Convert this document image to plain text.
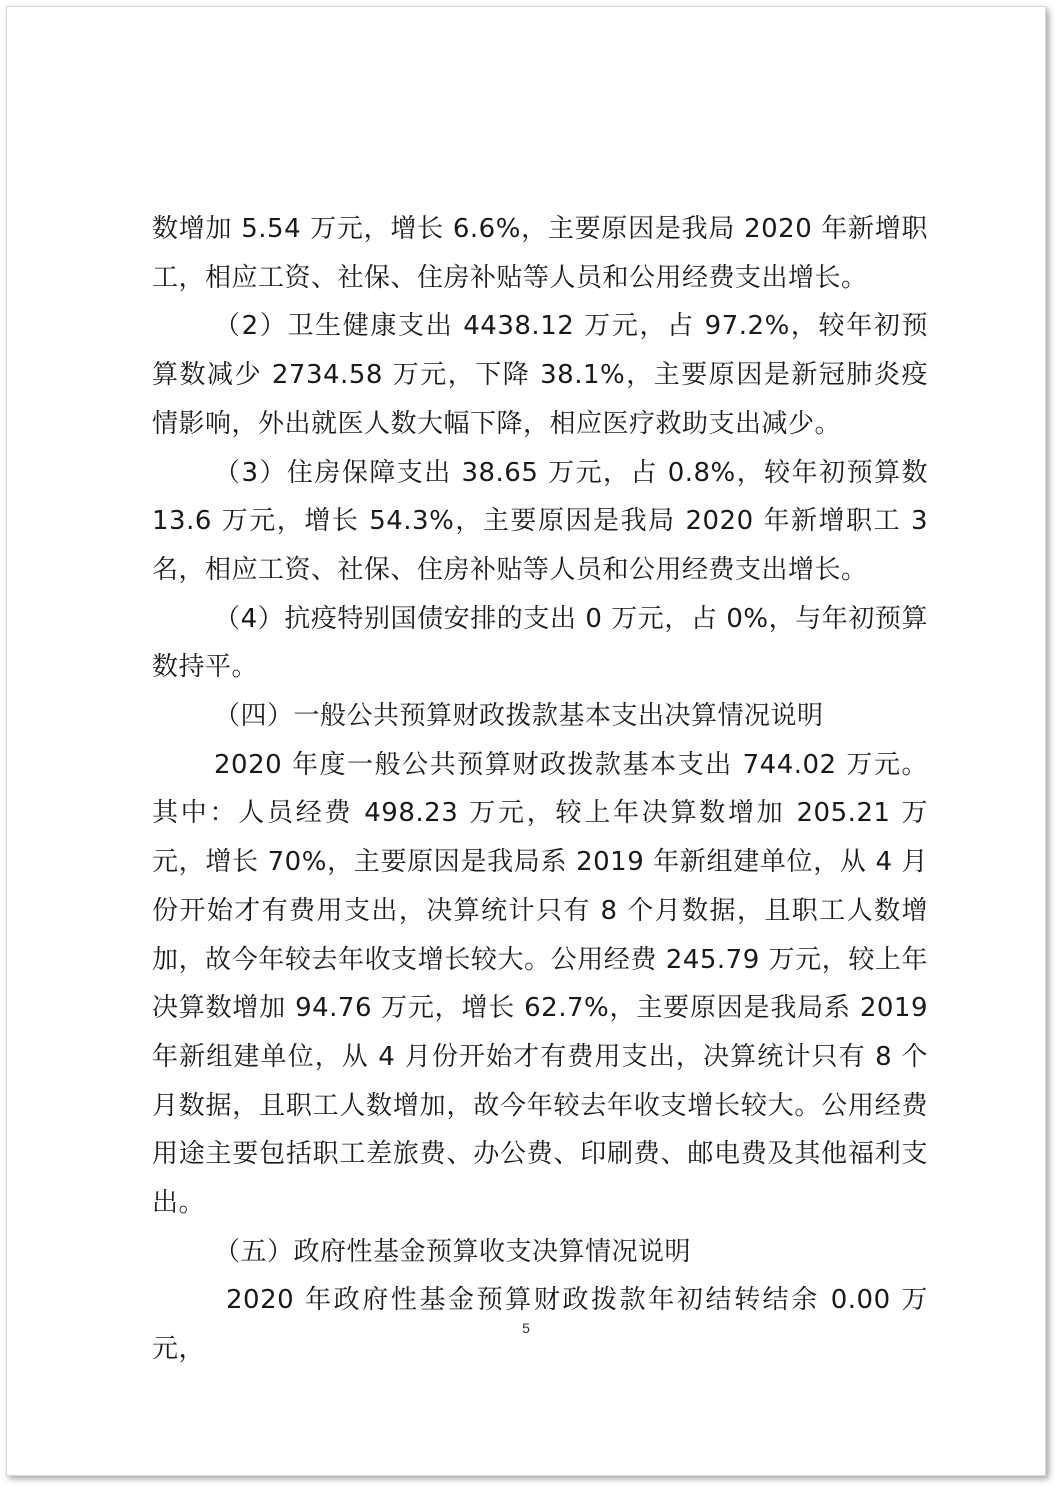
数增加 5.54 万元，增长 6.6%，主要原因是我局 2020 年新增职工，相应工资、社保、住房补贴等人员和公用经费支出增长。

（2）卫生健康支出 4438.12 万元，占 97.2%，较年初预算数减少 2734.58 万元，下降 38.1%，主要原因是新冠肺炎疫情影响，外出就医人数大幅下降，相应医疗救助支出减少。

（3）住房保障支出 38.65 万元，占 0.8%，较年初预算数 13.6 万元，增长 54.3%，主要原因是我局 2020 年新增职工 3 名，相应工资、社保、住房补贴等人员和公用经费支出增长。

（4）抗疫特别国债安排的支出 0 万元，占 0%，与年初预算数持平。

（四）一般公共预算财政拨款基本支出决算情况说明

2020 年度一般公共预算财政拨款基本支出 744.02 万元。其中：人员经费 498.23 万元，较上年决算数增加 205.21 万元，增长 70%，主要原因是我局系 2019 年新组建单位，从 4 月份开始才有费用支出，决算统计只有 8 个月数据，且职工人数增加，故今年较去年收支增长较大。公用经费 245.79 万元，较上年决算数增加 94.76 万元，增长 62.7%，主要原因是我局系 2019 年新组建单位，从 4 月份开始才有费用支出，决算统计只有 8 个月数据，且职工人数增加，故今年较去年收支增长较大。公用经费用途主要包括职工差旅费、办公费、印刷费、邮电费及其他福利支出。

（五）政府性基金预算收支决算情况说明

2020 年政府性基金预算财政拨款年初结转结余 0.00 万元，

5
